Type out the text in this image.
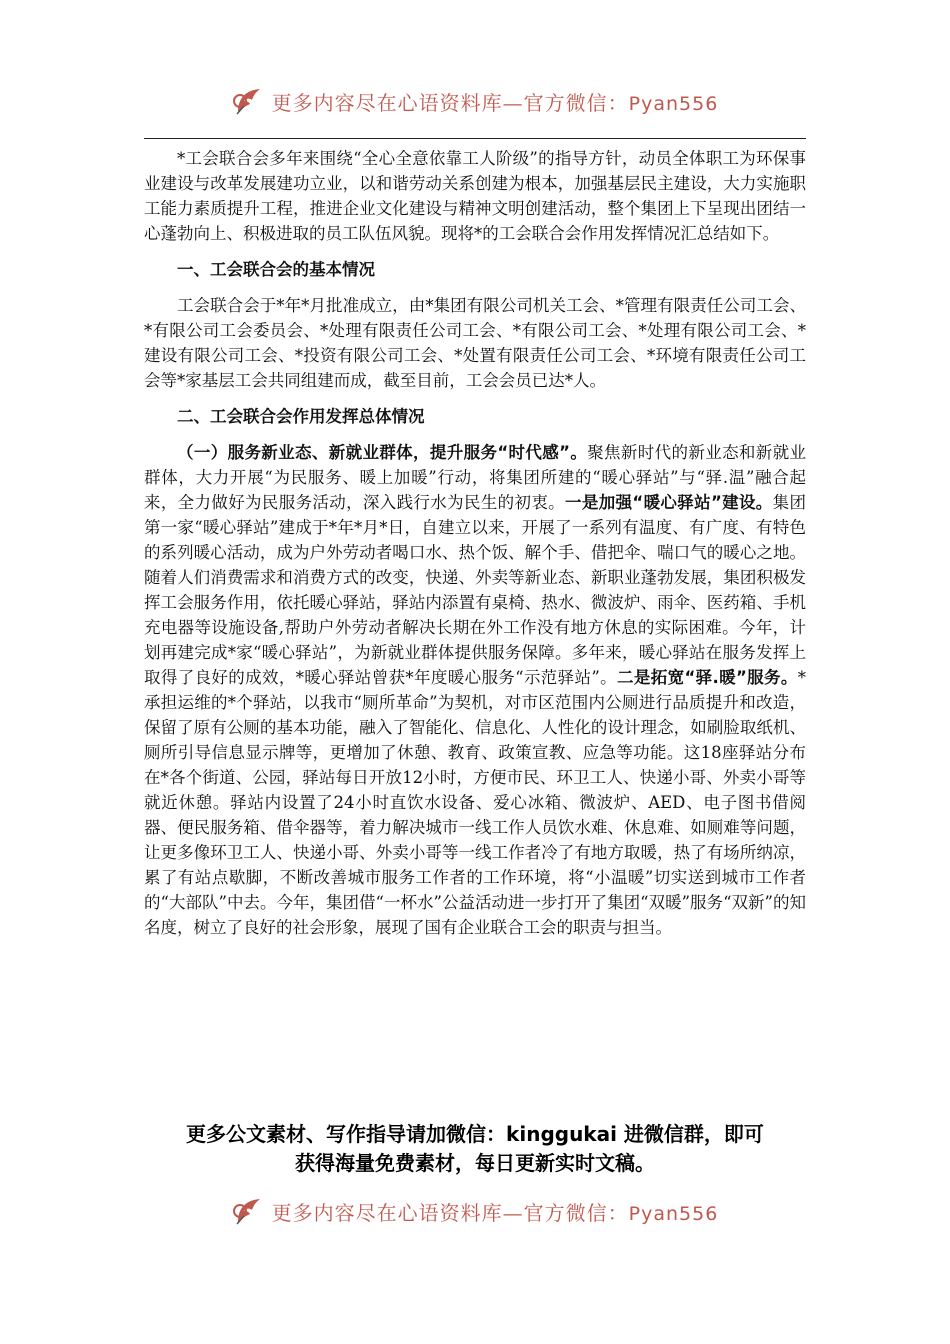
更多内容尽在心语资料库—官方微信：Pyan556

*工会联合会多年来围绕“全心全意依靠工人阶级”的指导方针，动员全体职工为环保事业建设与改革发展建功立业，以和谐劳动关系创建为根本，加强基层民主建设，大力实施职工能力素质提升工程，推进企业文化建设与精神文明创建活动，整个集团上下呈现出团结一心蓬勃向上、积极进取的员工队伍风貌。现将*的工会联合会作用发挥情况汇总结如下。

一、工会联合会的基本情况

工会联合会于*年*月批准成立，由*集团有限公司机关工会、*管理有限责任公司工会、*有限公司工会委员会、*处理有限责任公司工会、*有限公司工会、*处理有限公司工会、*建设有限公司工会、*投资有限公司工会、*处置有限责任公司工会、*环境有限责任公司工会等*家基层工会共同组建而成，截至目前，工会会员已达*人。

二、工会联合会作用发挥总体情况

（一）服务新业态、新就业群体，提升服务“时代感”。聚焦新时代的新业态和新就业群体，大力开展“为民服务、暖上加暖”行动，将集团所建的“暖心驿站”与“驿.温”融合起来，全力做好为民服务活动，深入践行水为民生的初衷。一是加强“暖心驿站”建设。集团第一家“暖心驿站”建成于*年*月*日，自建立以来，开展了一系列有温度、有广度、有特色的系列暖心活动，成为户外劳动者喝口水、热个饭、解个手、借把伞、喘口气的暖心之地。随着人们消费需求和消费方式的改变，快递、外卖等新业态、新职业蓬勃发展，集团积极发挥工会服务作用，依托暖心驿站，驿站内添置有桌椅、热水、微波炉、雨伞、医药箱、手机充电器等设施设备,帮助户外劳动者解决长期在外工作没有地方休息的实际困难。今年，计划再建完成*家“暖心驿站”，为新就业群体提供服务保障。多年来，暖心驿站在服务发挥上取得了良好的成效，*暖心驿站曾获*年度暖心服务“示范驿站”。二是拓宽“驿.暖”服务。*承担运维的*个驿站，以我市“厕所革命”为契机，对市区范围内公厕进行品质提升和改造，保留了原有公厕的基本功能，融入了智能化、信息化、人性化的设计理念，如刷脸取纸机、厕所引导信息显示牌等，更增加了休憩、教育、政策宣教、应急等功能。这18座驿站分布在*各个街道、公园，驿站每日开放12小时，方便市民、环卫工人、快递小哥、外卖小哥等就近休憩。驿站内设置了24小时直饮水设备、爱心冰箱、微波炉、AED、电子图书借阅器、便民服务箱、借伞器等，着力解决城市一线工作人员饮水难、休息难、如厕难等问题，让更多像环卫工人、快递小哥、外卖小哥等一线工作者冷了有地方取暖，热了有场所纳凉，累了有站点歇脚，不断改善城市服务工作者的工作环境，将“小温暖”切实送到城市工作者的“大部队”中去。今年，集团借“一杯水”公益活动进一步打开了集团“双暖”服务“双新”的知名度，树立了良好的社会形象，展现了国有企业联合工会的职责与担当。

更多公文素材、写作指导请加微信：kinggukai 进微信群，即可
获得海量免费素材，每日更新实时文稿。
更多内容尽在心语资料库—官方微信：Pyan556
